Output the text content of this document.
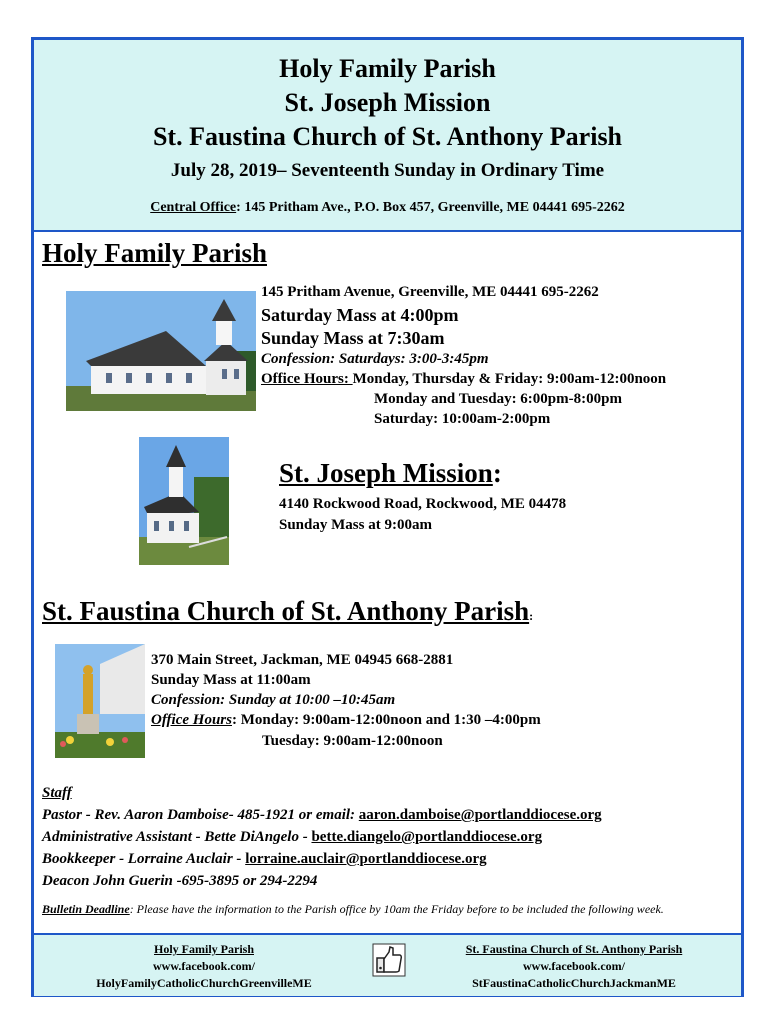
Holy Family Parish
St. Joseph Mission
St. Faustina Church of St. Anthony Parish
July 28, 2019– Seventeenth Sunday in Ordinary Time
Central Office: 145 Pritham Ave., P.O. Box 457, Greenville, ME 04441 695-2262
Holy Family Parish
145 Pritham Avenue, Greenville, ME 04441 695-2262
Saturday Mass at 4:00pm
Sunday Mass at 7:30am
Confession: Saturdays: 3:00-3:45pm
Office Hours: Monday, Thursday & Friday: 9:00am-12:00noon
Monday and Tuesday: 6:00pm-8:00pm
Saturday: 10:00am-2:00pm
St. Joseph Mission:
4140 Rockwood Road, Rockwood, ME 04478
Sunday Mass at 9:00am
St. Faustina Church of St. Anthony Parish:
370 Main Street, Jackman, ME 04945 668-2881
Sunday Mass at 11:00am
Confession: Sunday at 10:00 –10:45am
Office Hours: Monday: 9:00am-12:00noon and 1:30 –4:00pm
Tuesday: 9:00am-12:00noon
Staff
Pastor - Rev. Aaron Damboise- 485-1921 or email: aaron.damboise@portlanddiocese.org
Administrative Assistant - Bette DiAngelo - bette.diangelo@portlanddiocese.org
Bookkeeper - Lorraine Auclair - lorraine.auclair@portlanddiocese.org
Deacon John Guerin -695-3895 or 294-2294
Bulletin Deadline: Please have the information to the Parish office by 10am the Friday before to be included the following week.
Holy Family Parish
www.facebook.com/
HolyFamilyCatholicChurchGreenvilleME
St. Faustina Church of St. Anthony Parish
www.facebook.com/
StFaustinaCatholicChurchJackmanME
